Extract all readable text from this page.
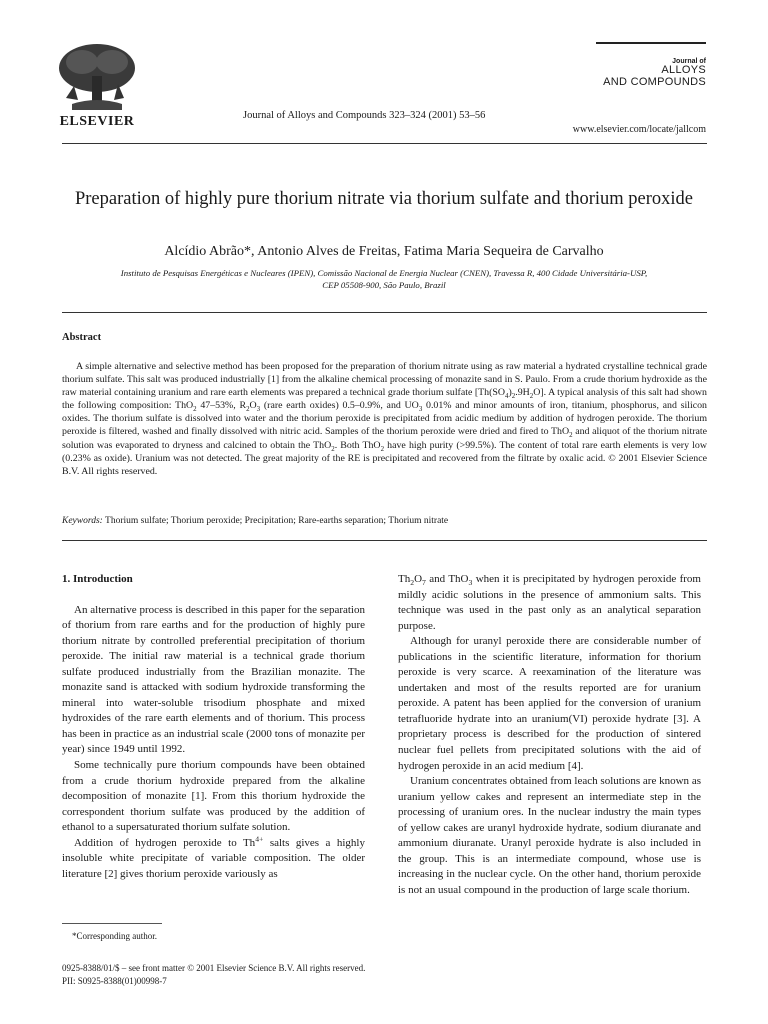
ELSEVIER	Journal of Alloys and Compounds 323–324 (2001) 53–56
Journal of
ALLOYS
AND COMPOUNDS
www.elsevier.com/locate/jallcom
Preparation of highly pure thorium nitrate via thorium sulfate and thorium peroxide
Alcídio Abrão*, Antonio Alves de Freitas, Fatima Maria Sequeira de Carvalho
Instituto de Pesquisas Energéticas e Nucleares (IPEN), Comissão Nacional de Energia Nuclear (CNEN), Travessa R, 400 Cidade Universitária-USP,
CEP 05508-900, São Paulo, Brazil
Abstract
A simple alternative and selective method has been proposed for the preparation of thorium nitrate using as raw material a hydrated crystalline technical grade thorium sulfate. This salt was produced industrially [1] from the alkaline chemical processing of monazite sand in S. Paulo. From a crude thorium hydroxide as the raw material containing uranium and rare earth elements was prepared a technical grade thorium sulfate $[Th(SO_4)_2.9H_2O]$. A typical analysis of this salt had shown the following composition: ThO$_2$ 47–53%, $R_2O_3$ (rare earth oxides) 0.5–0.9%, and $UO_3$ 0.01% and minor amounts of iron, titanium, phosphorus, and silicon oxides. The thorium sulfate is dissolved into water and the thorium peroxide is precipitated from acidic medium by addition of hydrogen peroxide. The thorium peroxide is filtered, washed and finally dissolved with nitric acid. Samples of the thorium peroxide were dried and fired to ThO$_2$ and aliquot of the thorium nitrate solution was evaporated to dryness and calcined to obtain the ThO$_2$. Both ThO$_2$ have high purity (>99.5%). The content of total rare earth elements is very low (0.23% as oxide). Uranium was not detected. The great majority of the RE is precipitated and recovered from the filtrate by oxalic acid. © 2001 Elsevier Science B.V. All rights reserved.
Keywords: Thorium sulfate; Thorium peroxide; Precipitation; Rare-earths separation; Thorium nitrate
1. Introduction

An alternative process is described in this paper for the separation of thorium from rare earths and for the production of highly pure thorium nitrate by controlled preferential precipitation of thorium peroxide. The initial raw material is a technical grade thorium sulfate produced industrially from the Brazilian monazite. The monazite sand is attacked with sodium hydroxide transforming the mineral into water-soluble trisodium phosphate and mixed hydroxides of the rare earth elements and of thorium. This process has been in practice as an industrial scale (2000 tons of monazite per year) since 1949 until 1992.

Some technically pure thorium compounds have been obtained from a crude thorium hydroxide prepared from the alkaline decomposition of monazite [1]. From this thorium hydroxide the correspondent thorium sulfate was produced by the addition of ethanol to a supersaturated thorium sulfate solution.

Addition of hydrogen peroxide to $Th^{4+}$ salts gives a highly insoluble white precipitate of variable composition. The older literature [2] gives thorium peroxide variously as

$Th_2O_7$ and ThO$_3$ when it is precipitated by hydrogen peroxide from mildly acidic solutions in the presence of ammonium salts. This technique was used in the past only as an analytical separation purpose.

Although for uranyl peroxide there are considerable number of publications in the scientific literature, information for thorium peroxide is very scarce. A reexamination of the literature was undertaken and most of the results reported are for uranium peroxide. A patent has been applied for the conversion of uranium tetrafluoride hydrate into an uranium(VI) peroxide hydrate [3]. A proprietary process is described for the production of sintered nuclear fuel pellets from precipitated solutions with the aid of hydrogen peroxide in an acid medium [4].

Uranium concentrates obtained from leach solutions are known as uranium yellow cakes and represent an intermediate step in the processing of uranium ores. In the nuclear industry the main types of yellow cakes are uranyl hydroxide hydrate, sodium diuranate and ammonium diuranate. Uranyl peroxide hydrate is also included in the group. This is an intermediate compound, whose use is increasing in the nuclear cycle. On the other hand, thorium peroxide is not an usual compound in the production of large scale thorium.

*Corresponding author.
0925-8388/01/$ – see front matter © 2001 Elsevier Science B.V. All rights reserved.
PII: S0925-8388(01)00998-7
